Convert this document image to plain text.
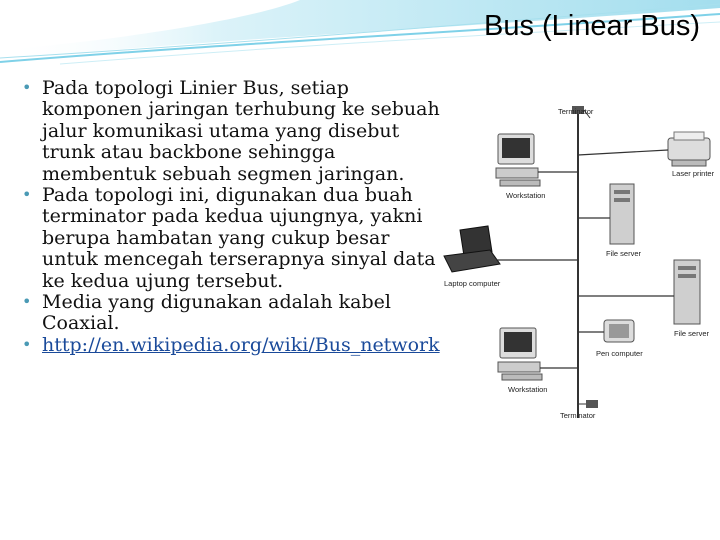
Bus (Linear Bus)
• Pada topologi Linier Bus, setiap komponen jaringan terhubung ke sebuah jalur komunikasi utama yang disebut trunk atau backbone sehingga membentuk sebuah segmen jaringan.
• Pada topologi ini, digunakan dua buah terminator pada kedua ujungnya, yakni berupa hambatan yang cukup besar untuk mencegah terserapnya sinyal data ke kedua ujung tersebut.
• Media yang digunakan adalah kabel Coaxial.
• http://en.wikipedia.org/wiki/Bus_network
Terminator
Workstation
Laser printer
File server
Laptop computer
File server
Pen computer
Workstation
Terminator
